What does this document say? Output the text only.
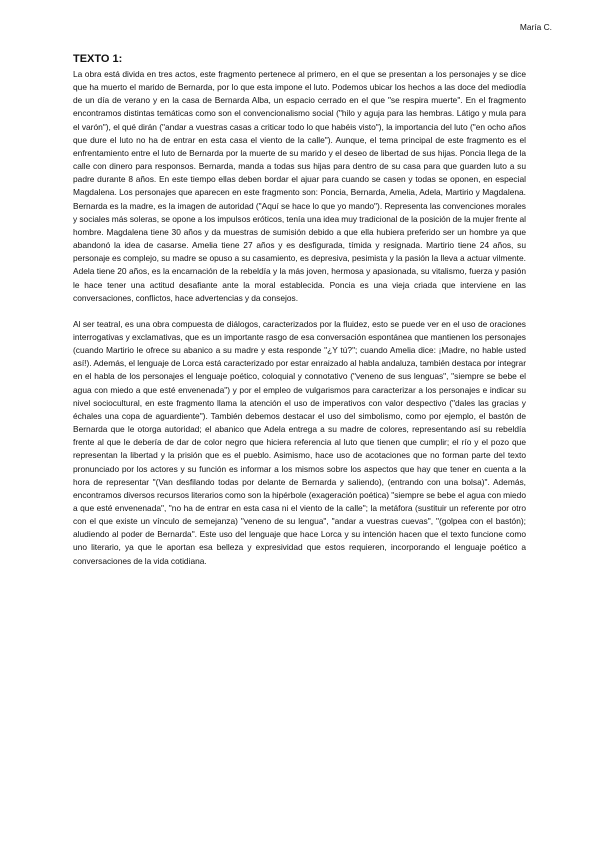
María C.

TEXTO 1:

La obra está divida en tres actos, este fragmento pertenece al primero, en el que se presentan a los personajes y se dice que ha muerto el marido de Bernarda, por lo que esta impone el luto. Podemos ubicar los hechos a las doce del mediodía de un día de verano y en la casa de Bernarda Alba, un espacio cerrado en el que "se respira muerte". En el fragmento encontramos distintas temáticas como son el convencionalismo social ("hilo y aguja para las hembras. Látigo y mula para el varón"), el qué dirán ("andar a vuestras casas a criticar todo lo que habéis visto"), la importancia del luto ("en ocho años que dure el luto no ha de entrar en esta casa el viento de la calle"). Aunque, el tema principal de este fragmento es el enfrentamiento entre el luto de Bernarda por la muerte de su marido y el deseo de libertad de sus hijas. Poncia llega de la calle con dinero para responsos. Bernarda, manda a todas sus hijas para dentro de su casa para que guarden luto a su padre durante 8 años. En este tiempo ellas deben bordar el ajuar para cuando se casen y todas se oponen, en especial Magdalena. Los personajes que aparecen en este fragmento son: Poncia, Bernarda, Amelia, Adela, Martirio y Magdalena. Bernarda es la madre, es la imagen de autoridad ("Aquí se hace lo que yo mando"). Representa las convenciones morales y sociales más soleras, se opone a los impulsos eróticos, tenía una idea muy tradicional de la posición de la mujer frente al hombre. Magdalena tiene 30 años y da muestras de sumisión debido a que ella hubiera preferido ser un hombre ya que abandonó la idea de casarse. Amelia tiene 27 años y es desfigurada, tímida y resignada. Martirio tiene 24 años, su personaje es complejo, su madre se opuso a su casamiento, es depresiva, pesimista y la pasión la lleva a actuar vilmente. Adela tiene 20 años, es la encarnación de la rebeldía y la más joven, hermosa y apasionada, su vitalismo, fuerza y pasión le hace tener una actitud desafiante ante la moral establecida. Poncia es una vieja criada que interviene en las conversaciones, conflictos, hace advertencias y da consejos.

Al ser teatral, es una obra compuesta de diálogos, caracterizados por la fluidez, esto se puede ver en el uso de oraciones interrogativas y exclamativas, que es un importante rasgo de esa conversación espontánea que mantienen los personajes (cuando Martirio le ofrece su abanico a su madre y esta responde "¿Y tú?"; cuando Amelia dice: ¡Madre, no hable usted así!). Además, el lenguaje de Lorca está caracterizado por estar enraizado al habla andaluza, también destaca por integrar en el habla de los personajes el lenguaje poético, coloquial y connotativo ("veneno de sus lenguas", "siempre se bebe el agua con miedo a que esté envenenada") y por el empleo de vulgarismos para caracterizar a los personajes e indicar su nivel sociocultural, en este fragmento llama la atención el uso de imperativos con valor despectivo ("dales las gracias y échales una copa de aguardiente"). También debemos destacar el uso del simbolismo, como por ejemplo, el bastón de Bernarda que le otorga autoridad; el abanico que Adela entrega a su madre de colores, representando así su rebeldía frente al que le debería de dar de color negro que hiciera referencia al luto que tienen que cumplir; el río y el pozo que representan la libertad y la prisión que es el pueblo. Asimismo, hace uso de acotaciones que no forman parte del texto pronunciado por los actores y su función es informar a los mismos sobre los aspectos que hay que tener en cuenta a la hora de representar "(Van desfilando todas por delante de Bernarda y saliendo), (entrando con una bolsa)". Además, encontramos diversos recursos literarios como son la hipérbole (exageración poética) "siempre se bebe el agua con miedo a que esté envenenada", "no ha de entrar en esta casa ni el viento de la calle"; la metáfora (sustituir un referente por otro con el que existe un vínculo de semejanza) "veneno de su lengua", "andar a vuestras cuevas", "(golpea con el bastón); aludiendo al poder de Bernarda". Este uso del lenguaje que hace Lorca y su intención hacen que el texto funcione como uno literario, ya que le aportan esa belleza y expresividad que estos requieren, incorporando el lenguaje poético a conversaciones de la vida cotidiana.
